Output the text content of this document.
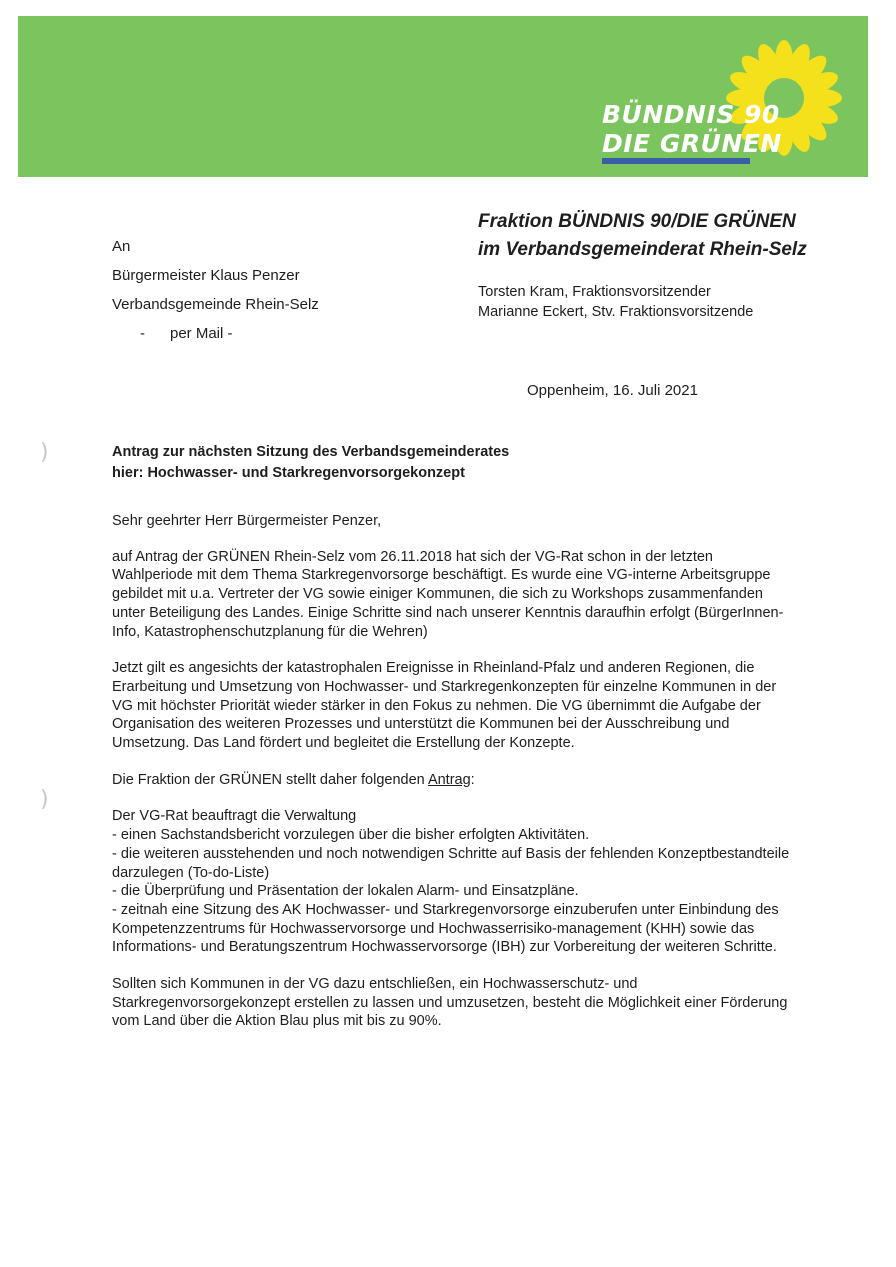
BÜNDNIS 90
DIE GRÜNEN
An
Bürgermeister Klaus Penzer
Verbandsgemeinde Rhein-Selz
-      per Mail -
Fraktion BÜNDNIS 90/DIE GRÜNEN
im Verbandsgemeinderat Rhein-Selz
Torsten Kram, Fraktionsvorsitzender
Marianne Eckert, Stv. Fraktionsvorsitzende
Oppenheim, 16. Juli 2021
Antrag zur nächsten Sitzung des Verbandsgemeinderates
hier: Hochwasser- und Starkregenvorsorgekonzept

Sehr geehrter Herr Bürgermeister Penzer,

auf Antrag der GRÜNEN Rhein-Selz vom 26.11.2018 hat sich der VG-Rat schon in der letzten Wahlperiode mit dem Thema Starkregenvorsorge beschäftigt. Es wurde eine VG-interne Arbeitsgruppe gebildet mit u.a. Vertreter der VG sowie einiger Kommunen, die sich zu Workshops zusammenfanden unter Beteiligung des Landes. Einige Schritte sind nach unserer Kenntnis daraufhin erfolgt (BürgerInnen-Info, Katastrophenschutzplanung für die Wehren)

Jetzt gilt es angesichts der katastrophalen Ereignisse in Rheinland-Pfalz und anderen Regionen, die Erarbeitung und Umsetzung von Hochwasser- und Starkregenkonzepten für einzelne Kommunen in der VG mit höchster Priorität wieder stärker in den Fokus zu nehmen. Die VG übernimmt die Aufgabe der Organisation des weiteren Prozesses und unterstützt die Kommunen bei der Ausschreibung und Umsetzung. Das Land fördert und begleitet die Erstellung der Konzepte.

Die Fraktion der GRÜNEN stellt daher folgenden Antrag:

Der VG-Rat beauftragt die Verwaltung
- einen Sachstandsbericht vorzulegen über die bisher erfolgten Aktivitäten.
- die weiteren ausstehenden und noch notwendigen Schritte auf Basis der fehlenden Konzeptbestandteile darzulegen (To-do-Liste)
- die Überprüfung und Präsentation der lokalen Alarm- und Einsatzpläne.
- zeitnah eine Sitzung des AK Hochwasser- und Starkregenvorsorge einzuberufen unter Einbindung des Kompetenzzentrums für Hochwasservorsorge und Hochwasserrisiko-management (KHH) sowie das Informations- und Beratungszentrum Hochwasservorsorge (IBH) zur Vorbereitung der weiteren Schritte.

Sollten sich Kommunen in der VG dazu entschließen, ein Hochwasserschutz- und Starkregenvorsorgekonzept erstellen zu lassen und umzusetzen, besteht die Möglichkeit einer Förderung vom Land über die Aktion Blau plus mit bis zu 90%.

)
)
